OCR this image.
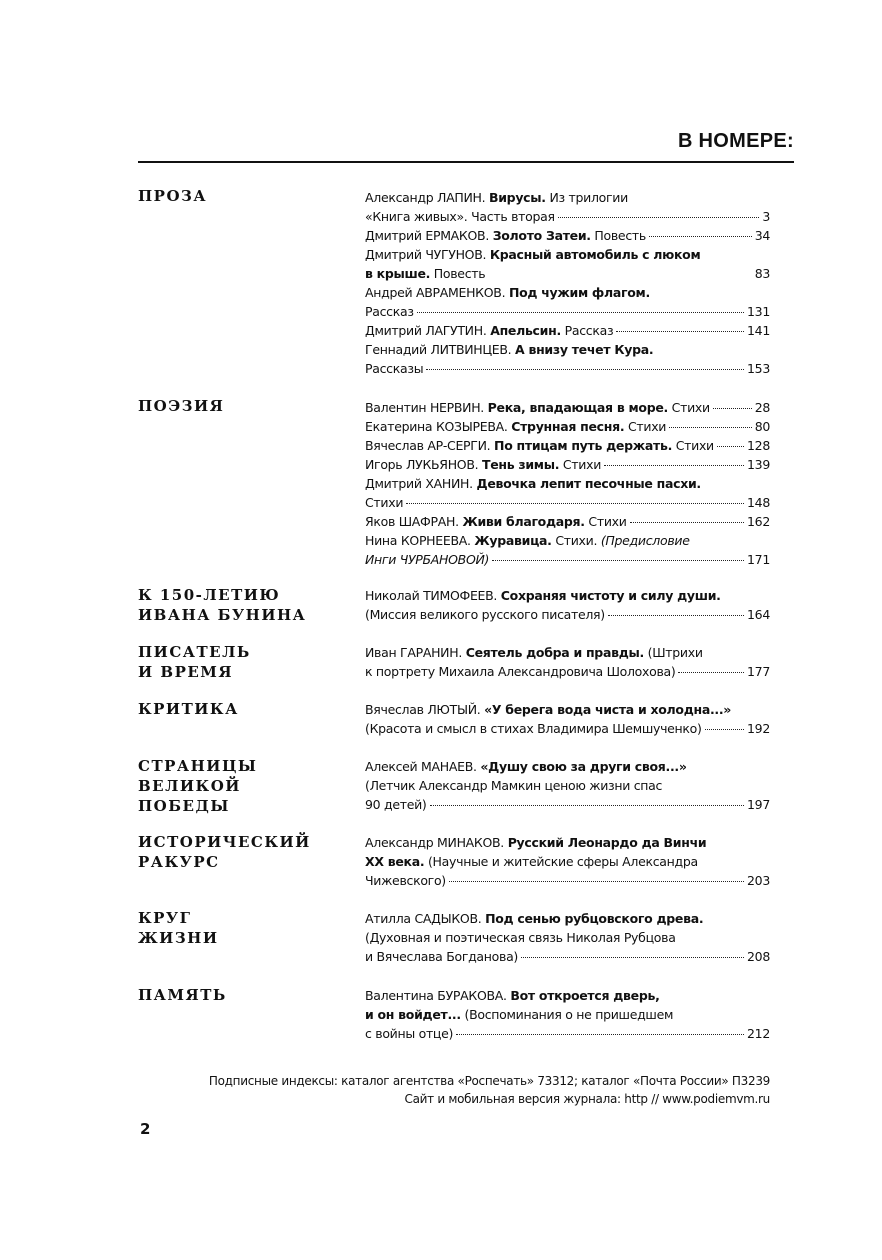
В НОМЕРЕ:
ПРОЗА	Александр ЛАПИН. Вирусы. Из трилогии
«Книга живых». Часть вторая	3
Дмитрий ЕРМАКОВ. Золото Затеи. Повесть	34
Дмитрий ЧУГУНОВ. Красный автомобиль с люком
в крыше. Повесть	83
Андрей АВРАМЕНКОВ. Под чужим флагом.
Рассказ	131
Дмитрий ЛАГУТИН. Апельсин. Рассказ	141
Геннадий ЛИТВИНЦЕВ. А внизу течет Кура.
Рассказы	153
ПОЭЗИЯ	Валентин НЕРВИН. Река, впадающая в море. Стихи	28
Екатерина КОЗЫРЕВА. Струнная песня. Стихи	80
Вячеслав АР-СЕРГИ. По птицам путь держать. Стихи	128
Игорь ЛУКЬЯНОВ. Тень зимы. Стихи	139
Дмитрий ХАНИН. Девочка лепит песочные пасхи.
Стихи	148
Яков ШАФРАН. Живи благодаря. Стихи	162
Нина КОРНЕЕВА. Журавица. Стихи. (Предисловие
Инги ЧУРБАНОВОЙ)	171
К 150-ЛЕТИЮ
ИВАНА БУНИНА
Николай ТИМОФЕЕВ. Сохраняя чистоту и силу души.
(Миссия великого русского писателя)	164
ПИСАТЕЛЬ
И ВРЕМЯ
Иван ГАРАНИН. Сеятель добра и правды. (Штрихи
к портрету Михаила Александровича Шолохова)	177
КРИТИКА	Вячеслав ЛЮТЫЙ. «У берега вода чиста и холодна...»
(Красота и смысл в стихах Владимира Шемшученко)	192
СТРАНИЦЫ
ВЕЛИКОЙ
ПОБЕДЫ
Алексей МАНАЕВ. «Душу свою за други своя...»
(Летчик Александр Мамкин ценою жизни спас
90 детей)	197
ИСТОРИЧЕСКИЙ
РАКУРС
Александр МИНАКОВ. Русский Леонардо да Винчи
XX века. (Научные и житейские сферы Александра
Чижевского)	203
КРУГ
ЖИЗНИ
Атилла САДЫКОВ. Под сенью рубцовского древа.
(Духовная и поэтическая связь Николая Рубцова
и Вячеслава Богданова)	208
ПАМЯТЬ	Валентина БУРАКОВА. Вот откроется дверь,
и он войдет... (Воспоминания о не пришедшем
с войны отце)	212
Подписные индексы: каталог агентства «Роспечать» 73312; каталог «Почта России» П3239
Сайт и мобильная версия журнала: http // www.podiemvm.ru
2
